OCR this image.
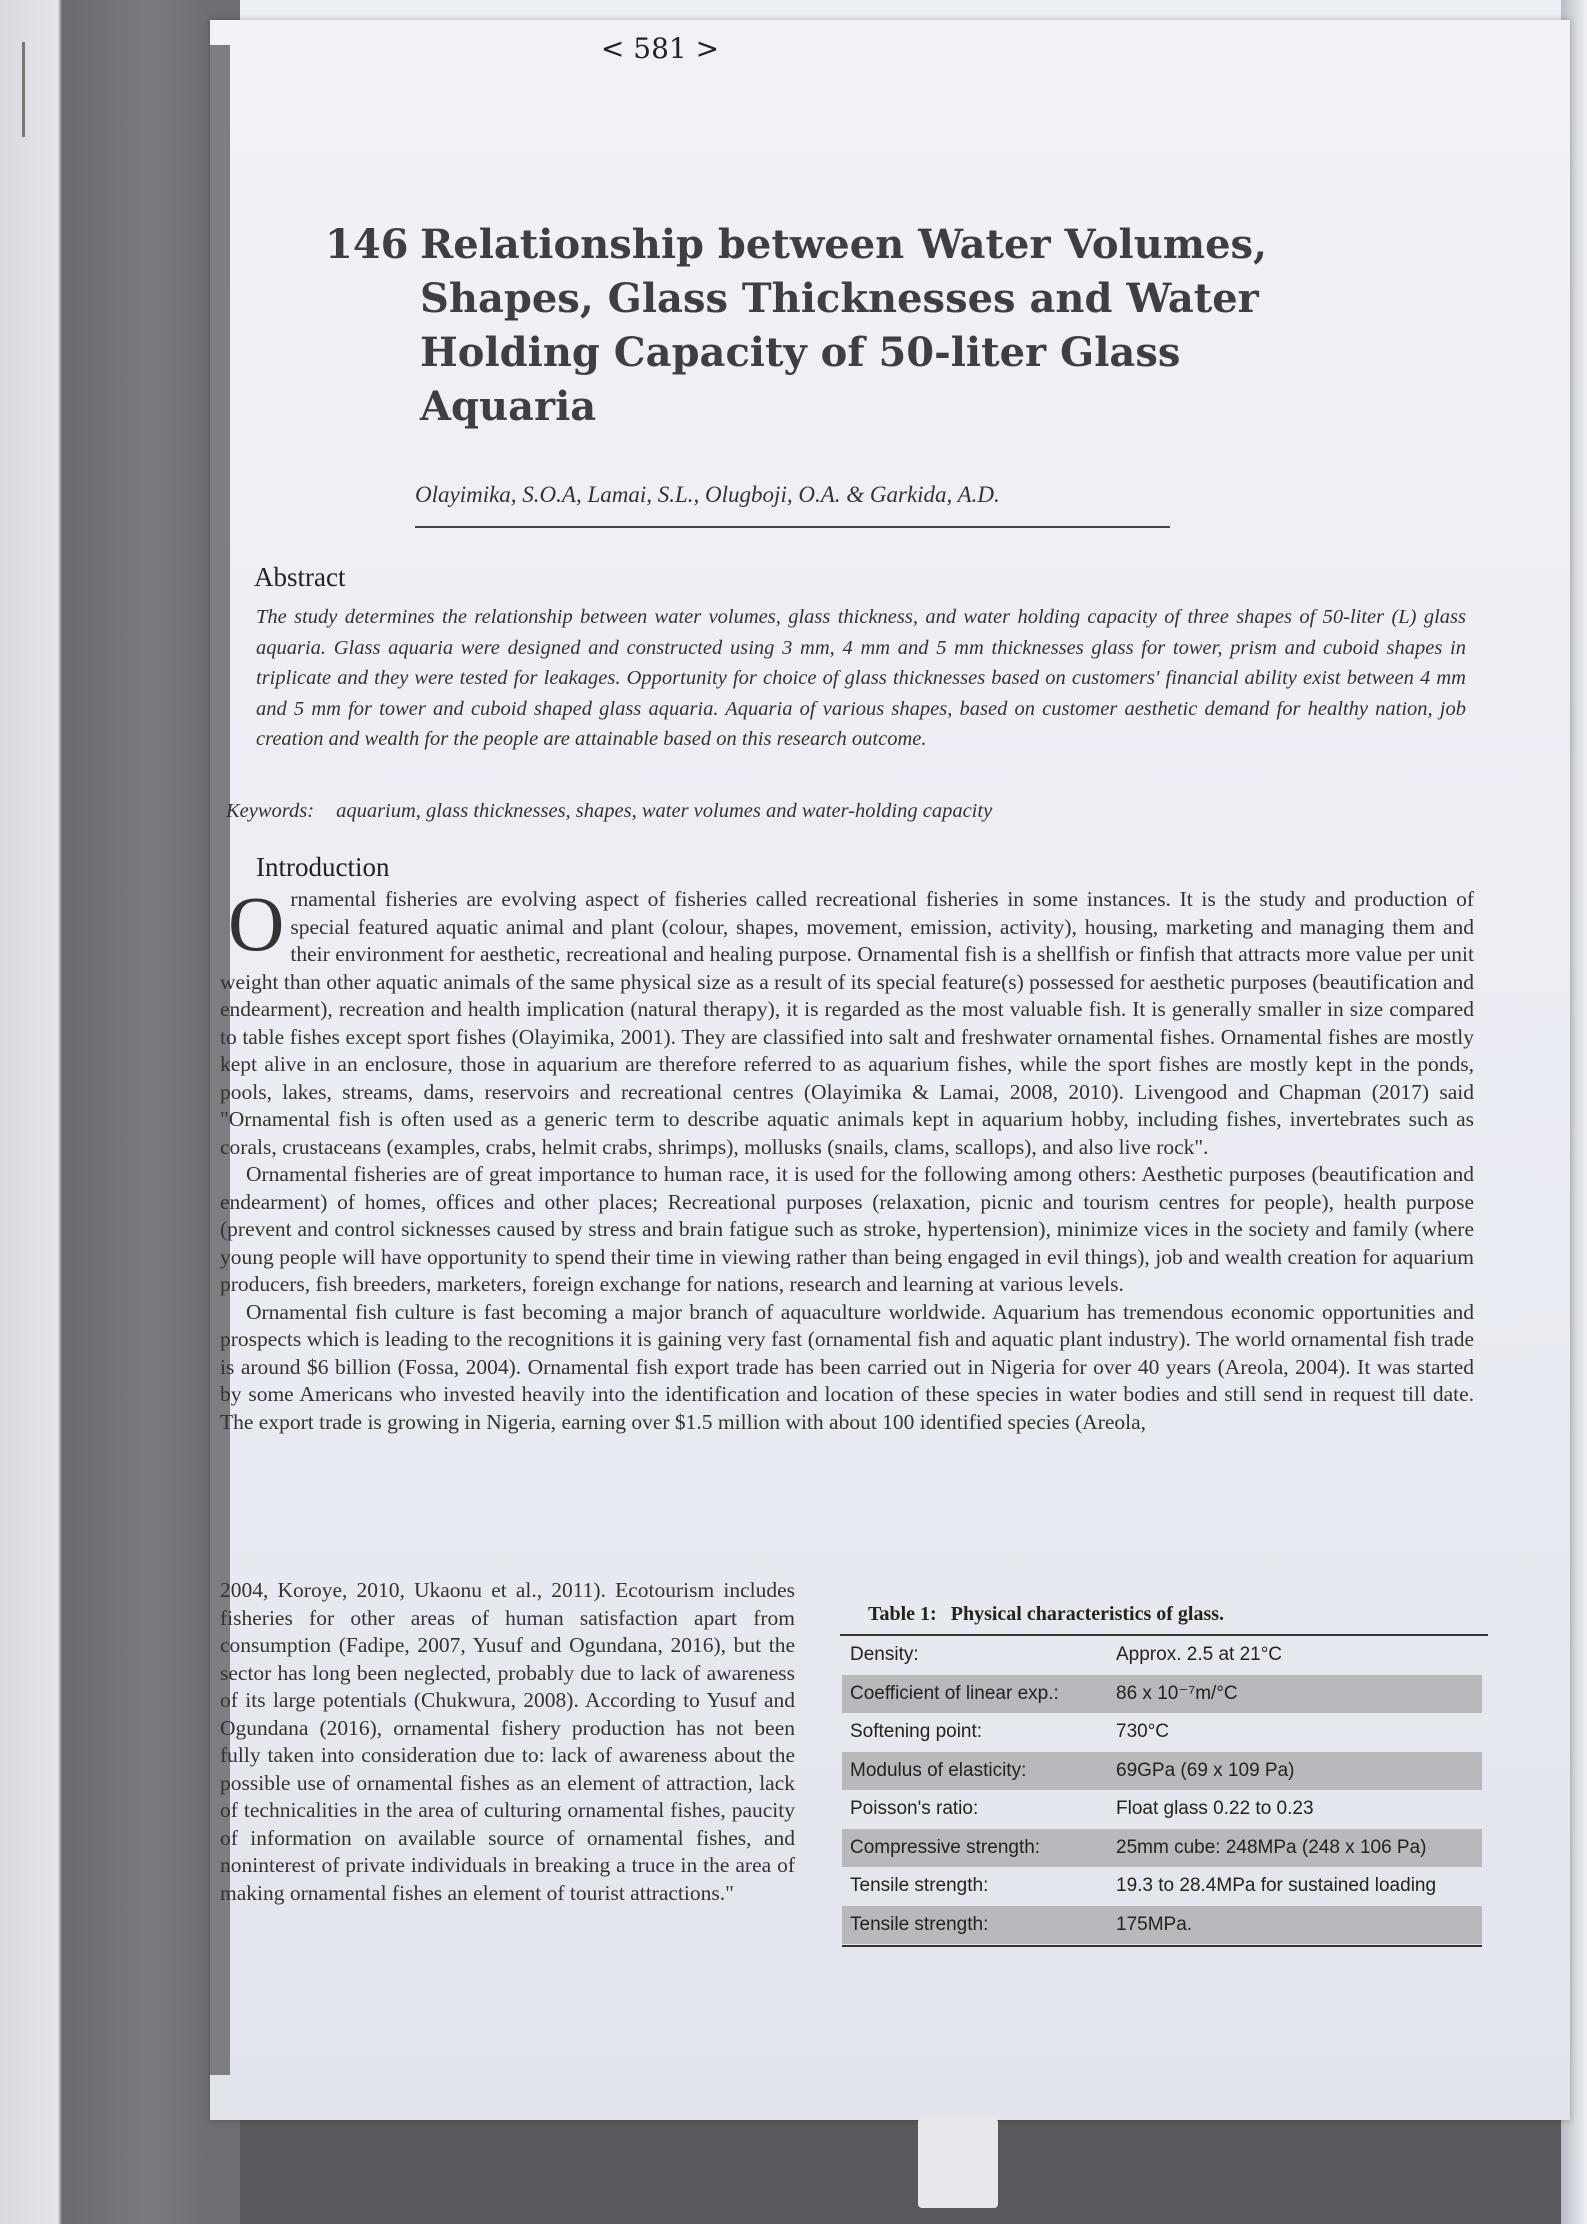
< 581 >
146 Relationship between Water Volumes, Shapes, Glass Thicknesses and Water Holding Capacity of 50-liter Glass Aquaria
Olayimika, S.O.A, Lamai, S.L., Olugboji, O.A. & Garkida, A.D.
Abstract
The study determines the relationship between water volumes, glass thickness, and water holding capacity of three shapes of 50-liter (L) glass aquaria. Glass aquaria were designed and constructed using 3 mm, 4 mm and 5 mm thicknesses glass for tower, prism and cuboid shapes in triplicate and they were tested for leakages. Opportunity for choice of glass thicknesses based on customers' financial ability exist between 4 mm and 5 mm for tower and cuboid shaped glass aquaria. Aquaria of various shapes, based on customer aesthetic demand for healthy nation, job creation and wealth for the people are attainable based on this research outcome.
Keywords: aquarium, glass thicknesses, shapes, water volumes and water-holding capacity
Introduction

Ornamental fisheries are evolving aspect of fisheries called recreational fisheries in some instances. It is the study and production of special featured aquatic animal and plant (colour, shapes, movement, emission, activity), housing, marketing and managing them and their environment for aesthetic, recreational and healing purpose. Ornamental fish is a shellfish or finfish that attracts more value per unit weight than other aquatic animals of the same physical size as a result of its special feature(s) possessed for aesthetic purposes (beautification and endearment), recreation and health implication (natural therapy), it is regarded as the most valuable fish. It is generally smaller in size compared to table fishes except sport fishes (Olayimika, 2001). They are classified into salt and freshwater ornamental fishes. Ornamental fishes are mostly kept alive in an enclosure, those in aquarium are therefore referred to as aquarium fishes, while the sport fishes are mostly kept in the ponds, pools, lakes, streams, dams, reservoirs and recreational centres (Olayimika & Lamai, 2008, 2010). Livengood and Chapman (2017) said "Ornamental fish is often used as a generic term to describe aquatic animals kept in aquarium hobby, including fishes, invertebrates such as corals, crustaceans (examples, crabs, helmit crabs, shrimps), mollusks (snails, clams, scallops), and also live rock".

Ornamental fisheries are of great importance to human race, it is used for the following among others: Aesthetic purposes (beautification and endearment) of homes, offices and other places; Recreational purposes (relaxation, picnic and tourism centres for people), health purpose (prevent and control sicknesses caused by stress and brain fatigue such as stroke, hypertension), minimize vices in the society and family (where young people will have opportunity to spend their time in viewing rather than being engaged in evil things), job and wealth creation for aquarium producers, fish breeders, marketers, foreign exchange for nations, research and learning at various levels.

Ornamental fish culture is fast becoming a major branch of aquaculture worldwide. Aquarium has tremendous economic opportunities and prospects which is leading to the recognitions it is gaining very fast (ornamental fish and aquatic plant industry). The world ornamental fish trade is around $6 billion (Fossa, 2004). Ornamental fish export trade has been carried out in Nigeria for over 40 years (Areola, 2004). It was started by some Americans who invested heavily into the identification and location of these species in water bodies and still send in request till date. The export trade is growing in Nigeria, earning over $1.5 million with about 100 identified species (Areola,

2004, Koroye, 2010, Ukaonu et al., 2011). Ecotourism includes fisheries for other areas of human satisfaction apart from consumption (Fadipe, 2007, Yusuf and Ogundana, 2016), but the sector has long been neglected, probably due to lack of awareness of its large potentials (Chukwura, 2008). According to Yusuf and Ogundana (2016), ornamental fishery production has not been fully taken into consideration due to: lack of awareness about the possible use of ornamental fishes as an element of attraction, lack of technicalities in the area of culturing ornamental fishes, paucity of information on available source of ornamental fishes, and noninterest of private individuals in breaking a truce in the area of making ornamental fishes an element of tourist attractions."
Table 1: Physical characteristics of glass.
Density:	Approx. 2.5 at 21°C
Coefficient of linear exp.:	86 x 10⁻⁷m/°C
Softening point:	730°C
Modulus of elasticity:	69GPa (69 x 109 Pa)
Poisson's ratio:	Float glass 0.22 to 0.23
Compressive strength:	25mm cube: 248MPa (248 x 106 Pa)
Tensile strength:	19.3 to 28.4MPa for sustained loading
Tensile strength:	175MPa.
